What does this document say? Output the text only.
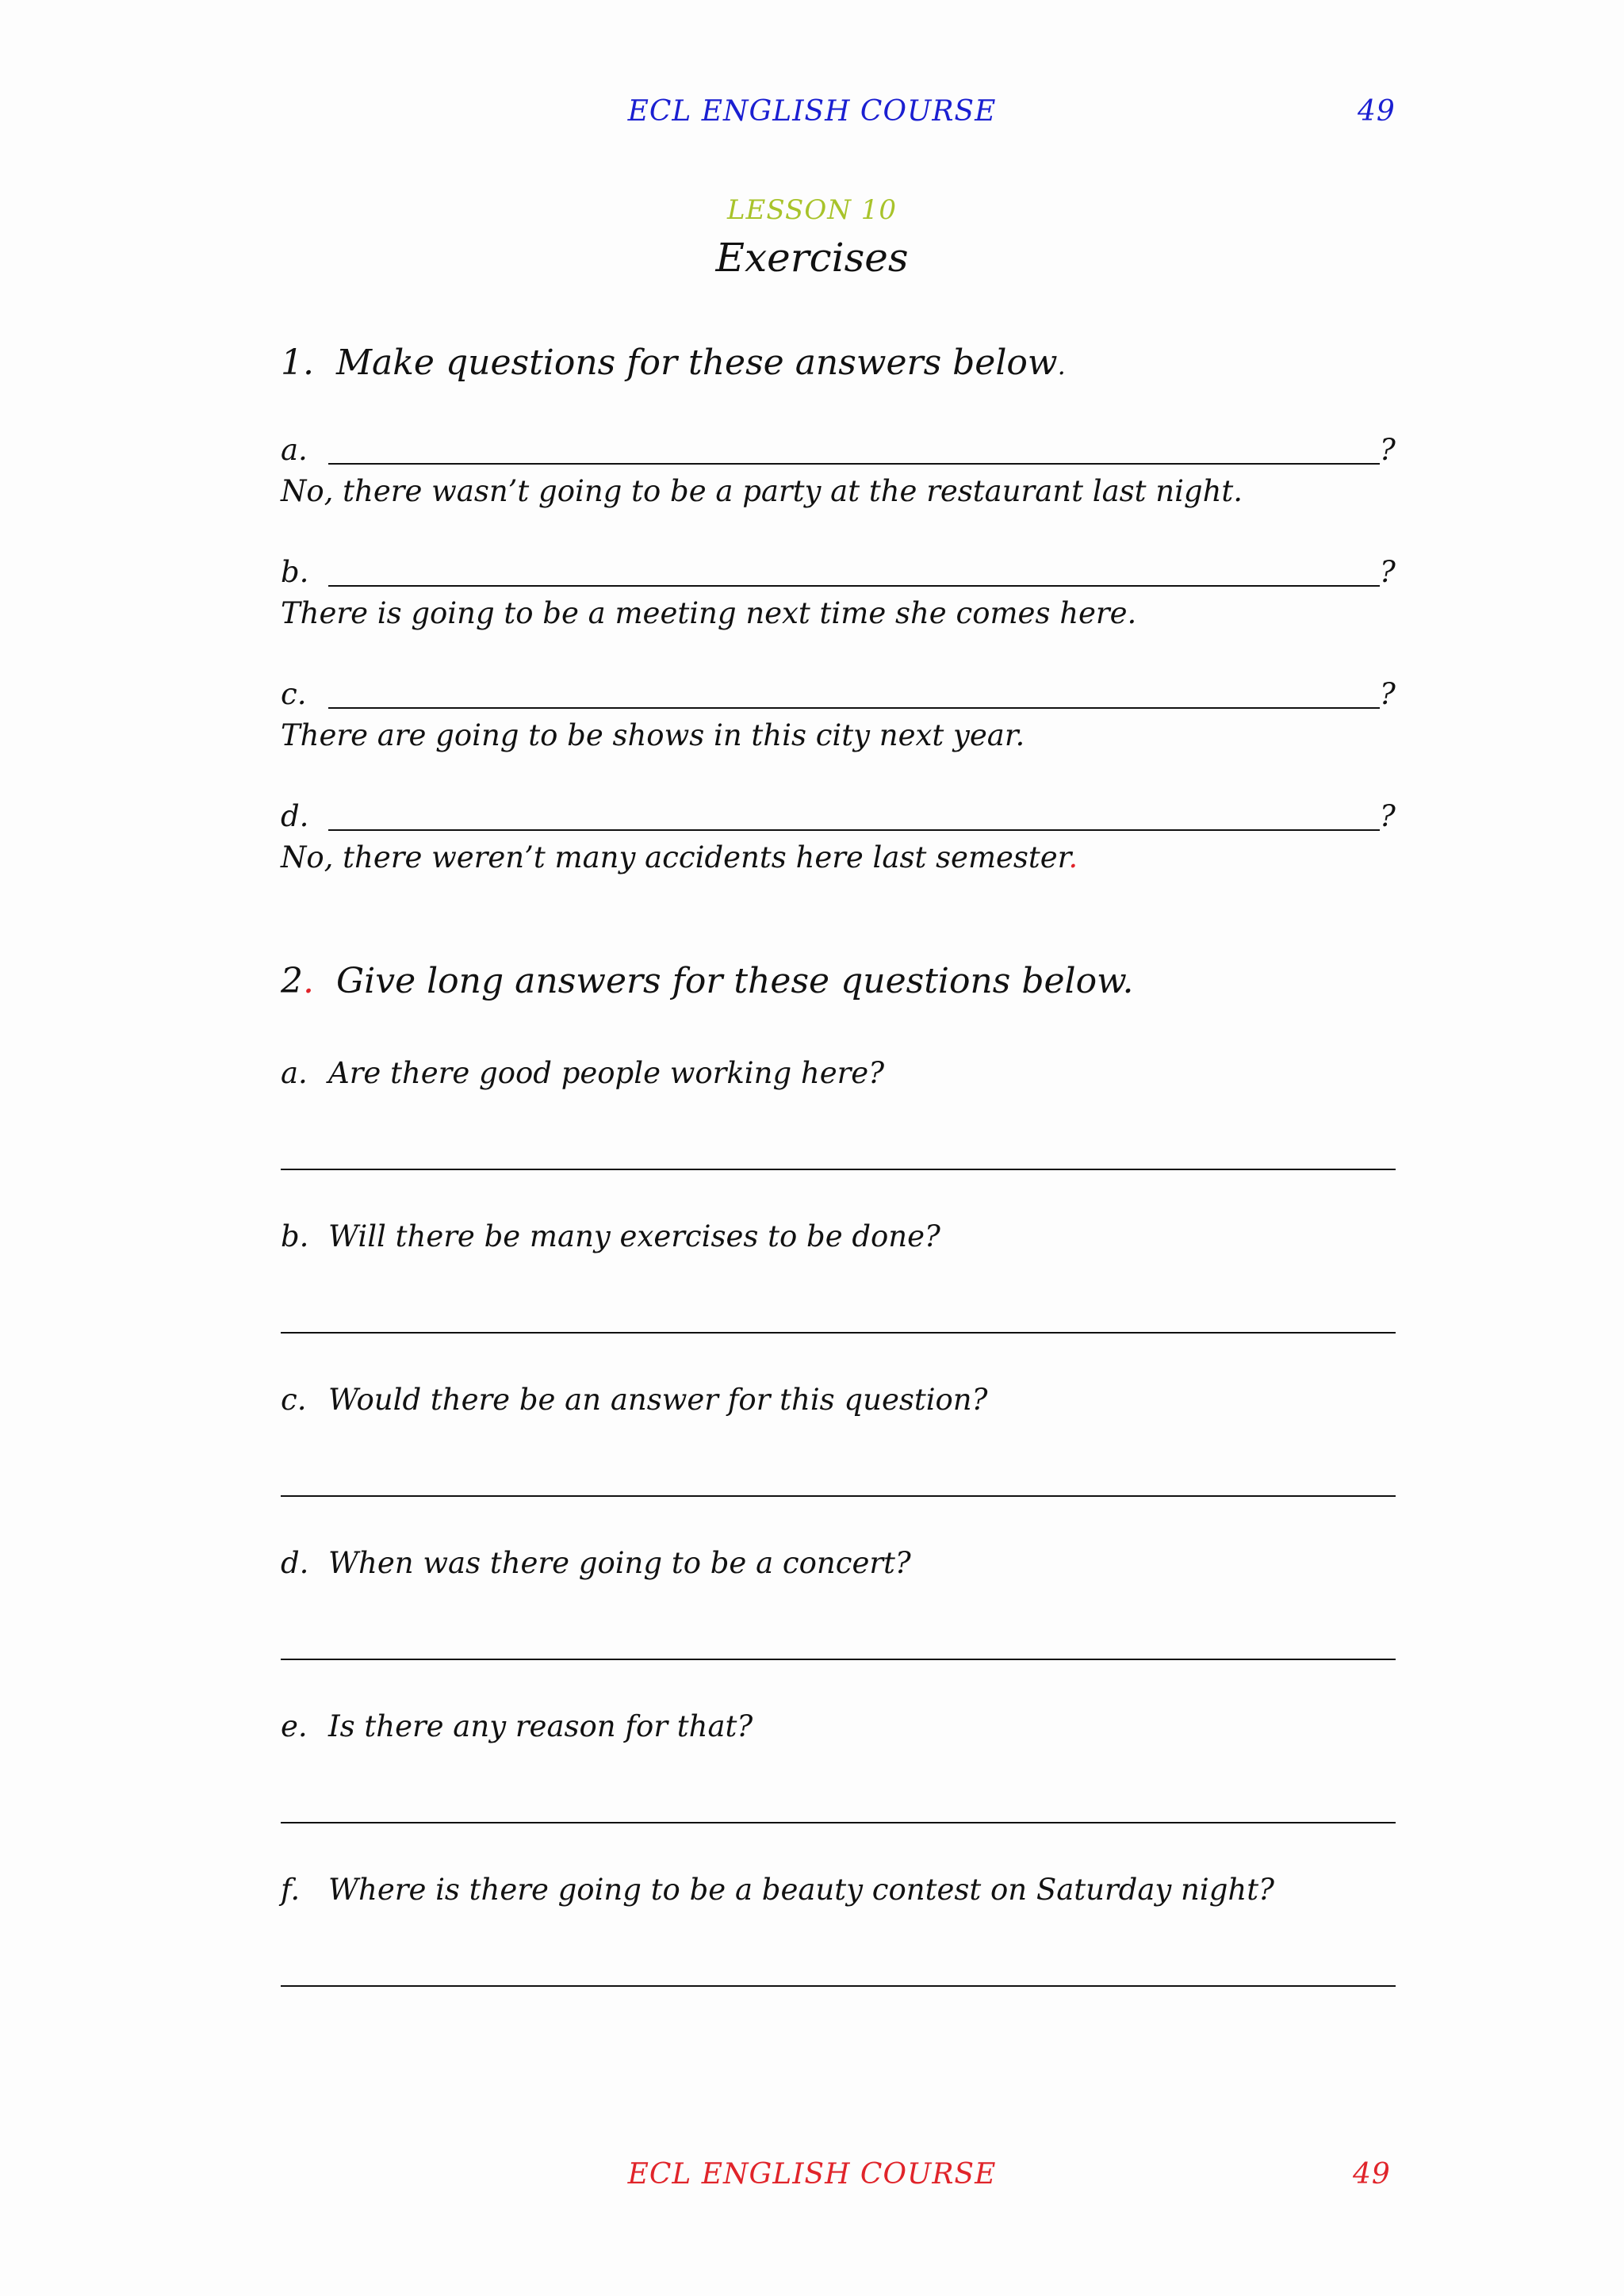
ECL ENGLISH COURSE	49
LESSON 10
Exercises
1. Make questions for these answers below.
a.	?
No, there wasn’t going to be a party at the restaurant last night.
b.	?
There is going to be a meeting next time she comes here.
c.	?
There are going to be shows in this city next year.
d.	?
No, there weren’t many accidents here last semester.
2. Give long answers for these questions below.
a. Are there good people working here?
b. Will there be many exercises to be done?
c. Would there be an answer for this question?
d. When was there going to be a concert?
e. Is there any reason for that?
f. Where is there going to be a beauty contest on Saturday night?
ECL ENGLISH COURSE	49
